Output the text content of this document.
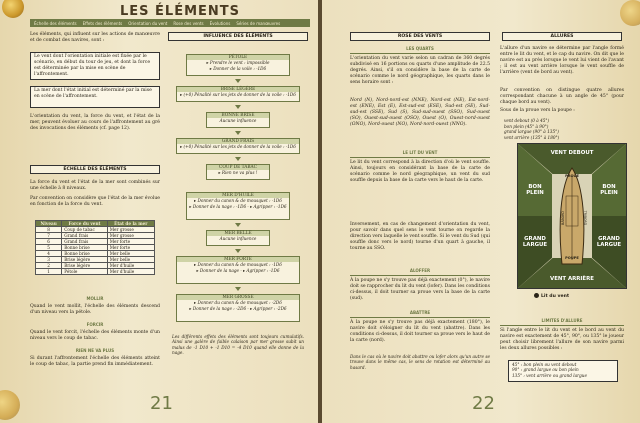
LES ÉLÉMENTS
Échelle des éléments Effets des éléments Orientation du vent Rose des vents Évolutions Séries de manœuvres
Les éléments, qui influent sur les actions de manœuvre et de combat des navires, sont :
Le vent dont l'orientation initiale est fixée par le scénario, en début du tour de jeu, et dont la force est déterminée par la mise en scène de l'affrontement.
La mer dont l'état initial est déterminé par la mise en scène de l'affrontement.
L'orientation du vent, la force du vent, et l'état de la mer, peuvent évoluer au cours de l'affrontement au gré des invocations des éléments (cf. page 12).
ÉCHELLE DES ÉLÉMENTS
La force du vent et l'état de la mer sont combinés sur une échelle à 8 niveaux.
Par convention on considère que l'état de la mer évolue en fonction de la force du vent.
Niveau	Force du vent	État de la mer
8	Coup de tabac	Mer grosse
7	Grand frais	Mer grosse
6	Grand frais	Mer forte
5	Bonne brise	Mer forte
4	Bonne brise	Mer belle
3	Brise légère	Mer belle
2	Brise légère	Mer d'huile
1	Pétole	Mer d'huile
MOLLIR
Quand le vent mollit, l'échelle des éléments descend d'un niveau vers la pétole.
FORCIR
Quand le vent forcit, l'échelle des éléments monte d'un niveau vers le coup de tabac.
RIEN NE VA PLUS
Si durant l'affrontement l'échelle des éléments atteint le coup de tabac, la partie prend fin immédiatement.
INFLUENCE DES ÉLÉMENTS
PÉTOLE
▸ Prendre le vent : impossible
▸ Donner de la voile : -1D6
BRISE LÉGÈRE
▸ (+0) Pénalité sur les jets de donner de la voile : -1D6
BONNE BRISE
Aucune influence
GRAND FRAIS
▸ (+0) Pénalité sur les jets de donner de la voile : -1D6
COUP DE TABAC
▸ Rien ne va plus !
MER D'HUILE
▸ Donner du canon & de mousquet : -1D6
▸ Donner de la nage : -1D6 · ▸ Agripper : -1D6
MER BELLE
Aucune influence
MER FORTE
▸ Donner du canon & de mousquet : -1D6
▸ Donner de la nage · ▸ Agripper : -1D6
MER GROSSE
▸ Donner du canon & de mousquet : -2D6
▸ Donner de la nage : -2D6 · ▸ Agripper : -2D6
Les différents effets des éléments sont toujours cumulatifs. Ainsi une galère de faible calaison par mer grosse subit un malus de -1 D10 + -1 D10 = -4 D10 quand elle donne de la nage.
21
ROSE DES VENTS
LES QUARTS
L'orientation du vent varie selon un cadran de 360 degrés subdivisé en 16 portions ou quarts d'une amplitude de 22.5 degrés. Ainsi, s'il on considère la base de la carte de scénario comme le nord géographique, les quarts dans le sens horaire sont :
Nord (N), Nord-nord-est (NNE), Nord-est (NE), Est-nord-est (ENE), Est (E), Est-sud-est (ESE), Sud-est (SE), Sud-sud-est (SSE), Sud (S), Sud-sud-ouest (SSO), Sud-ouest (SO), Ouest-sud-ouest (OSO), Ouest (O), Ouest-nord-ouest (ONO), Nord-ouest (NO), Nord-nord-ouest (NNO).
LE LIT DU VENT
Le lit du vent correspond à la direction d'où le vent souffle. Ainsi, toujours en considérant la base de la carte de scénario comme le nord géographique, un vent du sud souffle depuis la base de la carte vers le haut de la carte.
Inversement, en cas de changement d'orientation du vent, pour savoir dans quel sens le vent tourne on regarde la direction vers laquelle le vent souffle. Si le vent du Sud (qui souffle donc vers le nord) tourne d'un quart à gauche, il tourne au SSO.
ALOFFER
À la poupe ne s'y trouve pas déjà exactement (0°), le navire doit se rapprocher du lit du vent (lofer). Dans les conditions ci-dessus, il doit tourner sa proue vers la base de la carte (sud).
ABATTRE
À la poupe ne s'y trouve pas déjà exactement (180°), le navire doit s'éloigner du lit du vent (abattre). Dans les conditions ci-dessus, il doit tourner sa proue vers le haut de la carte (nord).
Dans le cas où le navire doit abattre ou lofer alors qu'un autre se trouve dans le même cas, le sens de rotation est déterminé au hasard.
ALLURES
L'allure d'un navire se détermine par l'angle formé entre le lit du vent, et le cap du navire. On dit que le navire est au près lorsque le vent lui vient de l'avant ; il est au vent arrière lorsque le vent souffle de l'arrière (vent de bord au vent).
Par convention on distingue quatre allures correspondant chacune à un angle de 45° (pour chaque bord au vent).
Sous de la proue vers la poupe :
vent debout (0 à 45°)
bon plein (45° à 90°)
grand largue (90° à 135°)
vent arrière (135° à 180°)
VENT DEBOUT
VENT ARRIÈRE
BON PLEIN
BON PLEIN
GRAND LARGUE
GRAND LARGUE
PROUE
POUPE
BÂBORD	TRIBORD
Lit du vent
LIMITES D'ALLURE
Si l'angle entre le lit du vent et le bord au vent du navire est exactement de 45°, 90°, ou 135° le joueur peut choisir librement l'allure de son navire parmi les deux allures possibles :
45° : bon plein ou vent debout
90° : grand largue ou bon plein
135° : vent arrière ou grand largue
22
